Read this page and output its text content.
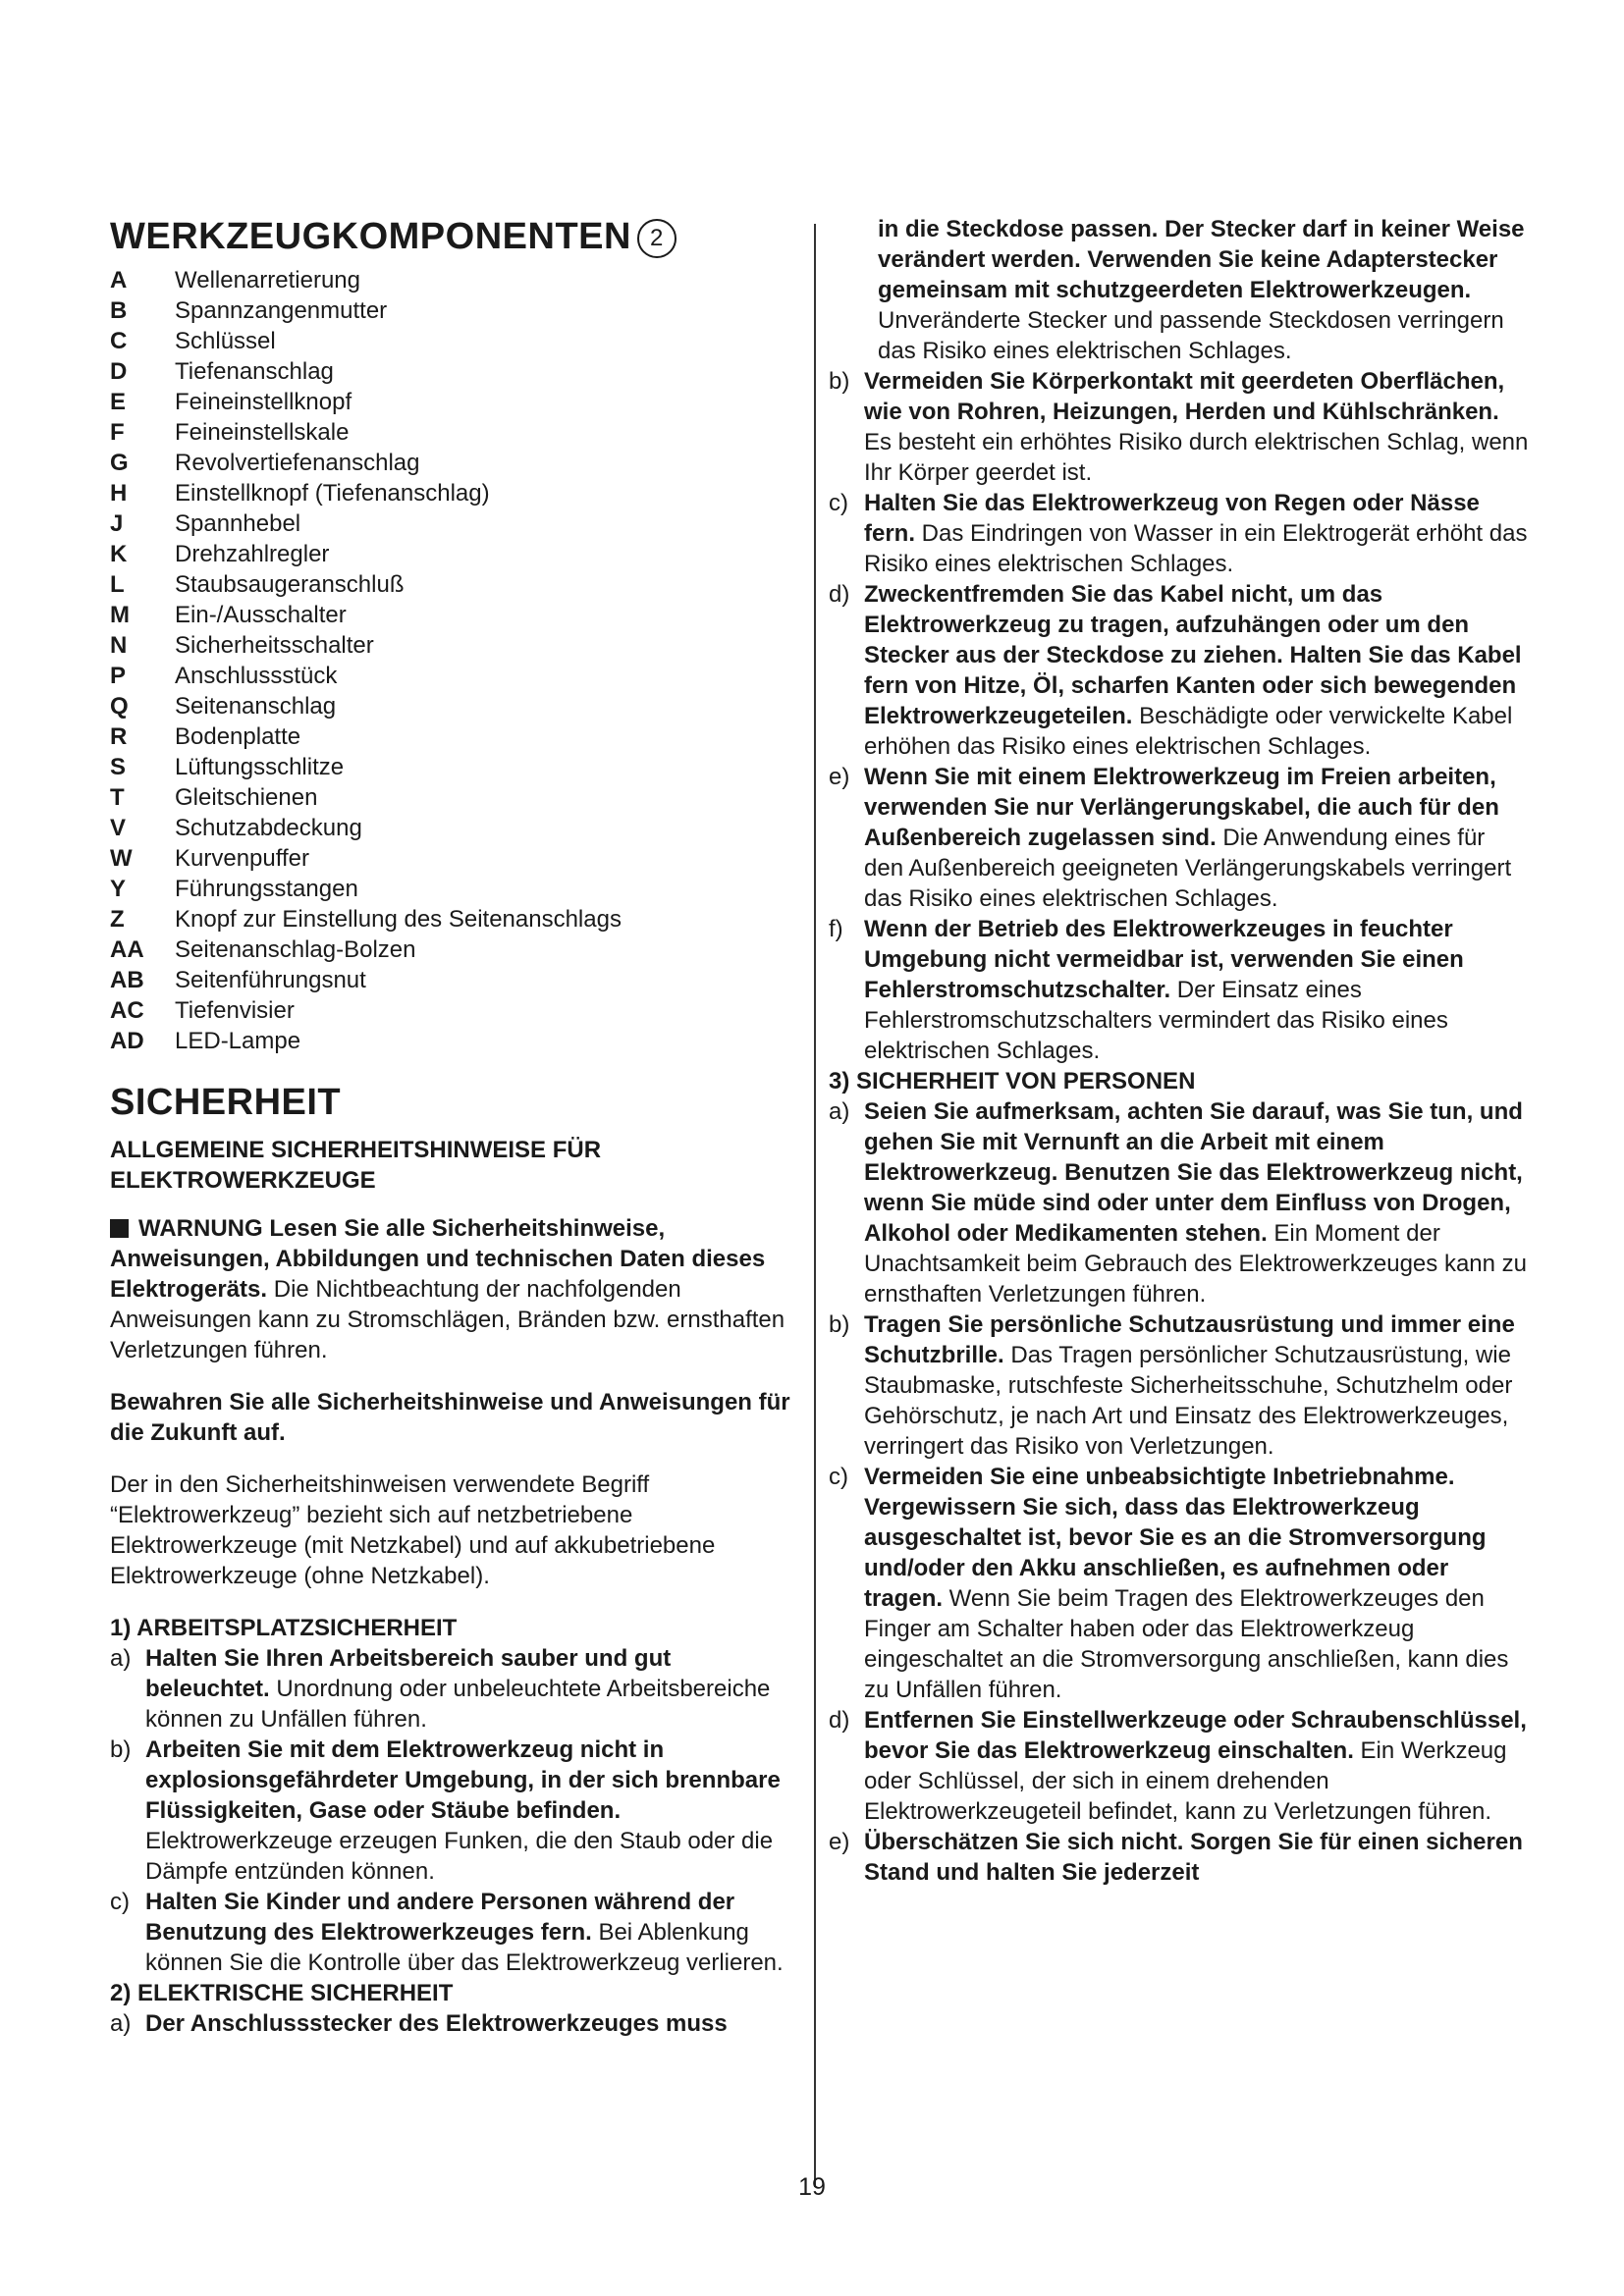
WERKZEUGKOMPONENTEN 2
A	Wellenarretierung
B	Spannzangenmutter
C	Schlüssel
D	Tiefenanschlag
E	Feineinstellknopf
F	Feineinstellskale
G	Revolvertiefenanschlag
H	Einstellknopf (Tiefenanschlag)
J	Spannhebel
K	Drehzahlregler
L	Staubsaugeranschluß
M	Ein-/Ausschalter
N	Sicherheitsschalter
P	Anschlussstück
Q	Seitenanschlag
R	Bodenplatte
S	Lüftungsschlitze
T	Gleitschienen
V	Schutzabdeckung
W	Kurvenpuffer
Y	Führungsstangen
Z	Knopf zur Einstellung des Seitenanschlags
AA	Seitenanschlag-Bolzen
AB	Seitenführungsnut
AC	Tiefenvisier
AD	LED-Lampe
SICHERHEIT
ALLGEMEINE SICHERHEITSHINWEISE FÜR ELEKTROWERKZEUGE
WARNUNG Lesen Sie alle Sicherheitshinweise, Anweisungen, Abbildungen und technischen Daten dieses Elektrogeräts. Die Nichtbeachtung der nachfolgenden Anweisungen kann zu Stromschlägen, Bränden bzw. ernsthaften Verletzungen führen.
Bewahren Sie alle Sicherheitshinweise und Anweisungen für die Zukunft auf.
Der in den Sicherheitshinweisen verwendete Begriff “Elektrowerkzeug” bezieht sich auf netzbetriebene Elektrowerkzeuge (mit Netzkabel) und auf akkubetriebene Elektrowerkzeuge (ohne Netzkabel).
1) ARBEITSPLATZSICHERHEIT
a) Halten Sie Ihren Arbeitsbereich sauber und gut beleuchtet. Unordnung oder unbeleuchtete Arbeitsbereiche können zu Unfällen führen.
b) Arbeiten Sie mit dem Elektrowerkzeug nicht in explosionsgefährdeter Umgebung, in der sich brennbare Flüssigkeiten, Gase oder Stäube befinden. Elektrowerkzeuge erzeugen Funken, die den Staub oder die Dämpfe entzünden können.
c) Halten Sie Kinder und andere Personen während der Benutzung des Elektrowerkzeuges fern. Bei Ablenkung können Sie die Kontrolle über das Elektrowerkzeug verlieren.
2) ELEKTRISCHE SICHERHEIT
a) Der Anschlussstecker des Elektrowerkzeuges muss
in die Steckdose passen. Der Stecker darf in keiner Weise verändert werden. Verwenden Sie keine Adapterstecker gemeinsam mit schutzgeerdeten Elektrowerkzeugen. Unveränderte Stecker und passende Steckdosen verringern das Risiko eines elektrischen Schlages.
b) Vermeiden Sie Körperkontakt mit geerdeten Oberflächen, wie von Rohren, Heizungen, Herden und Kühlschränken. Es besteht ein erhöhtes Risiko durch elektrischen Schlag, wenn Ihr Körper geerdet ist.
c) Halten Sie das Elektrowerkzeug von Regen oder Nässe fern. Das Eindringen von Wasser in ein Elektrogerät erhöht das Risiko eines elektrischen Schlages.
d) Zweckentfremden Sie das Kabel nicht, um das Elektrowerkzeug zu tragen, aufzuhängen oder um den Stecker aus der Steckdose zu ziehen. Halten Sie das Kabel fern von Hitze, Öl, scharfen Kanten oder sich bewegenden Elektrowerkzeugeteilen. Beschädigte oder verwickelte Kabel erhöhen das Risiko eines elektrischen Schlages.
e) Wenn Sie mit einem Elektrowerkzeug im Freien arbeiten, verwenden Sie nur Verlängerungskabel, die auch für den Außenbereich zugelassen sind. Die Anwendung eines für den Außenbereich geeigneten Verlängerungskabels verringert das Risiko eines elektrischen Schlages.
f) Wenn der Betrieb des Elektrowerkzeuges in feuchter Umgebung nicht vermeidbar ist, verwenden Sie einen Fehlerstromschutzschalter. Der Einsatz eines Fehlerstromschutzschalters vermindert das Risiko eines elektrischen Schlages.
3) SICHERHEIT VON PERSONEN
a) Seien Sie aufmerksam, achten Sie darauf, was Sie tun, und gehen Sie mit Vernunft an die Arbeit mit einem Elektrowerkzeug. Benutzen Sie das Elektrowerkzeug nicht, wenn Sie müde sind oder unter dem Einfluss von Drogen, Alkohol oder Medikamenten stehen. Ein Moment der Unachtsamkeit beim Gebrauch des Elektrowerkzeuges kann zu ernsthaften Verletzungen führen.
b) Tragen Sie persönliche Schutzausrüstung und immer eine Schutzbrille. Das Tragen persönlicher Schutzausrüstung, wie Staubmaske, rutschfeste Sicherheitsschuhe, Schutzhelm oder Gehörschutz, je nach Art und Einsatz des Elektrowerkzeuges, verringert das Risiko von Verletzungen.
c) Vermeiden Sie eine unbeabsichtigte Inbetriebnahme. Vergewissern Sie sich, dass das Elektrowerkzeug ausgeschaltet ist, bevor Sie es an die Stromversorgung und/oder den Akku anschließen, es aufnehmen oder tragen. Wenn Sie beim Tragen des Elektrowerkzeuges den Finger am Schalter haben oder das Elektrowerkzeug eingeschaltet an die Stromversorgung anschließen, kann dies zu Unfällen führen.
d) Entfernen Sie Einstellwerkzeuge oder Schraubenschlüssel, bevor Sie das Elektrowerkzeug einschalten. Ein Werkzeug oder Schlüssel, der sich in einem drehenden Elektrowerkzeugeteil befindet, kann zu Verletzungen führen.
e) Überschätzen Sie sich nicht. Sorgen Sie für einen sicheren Stand und halten Sie jederzeit
19
